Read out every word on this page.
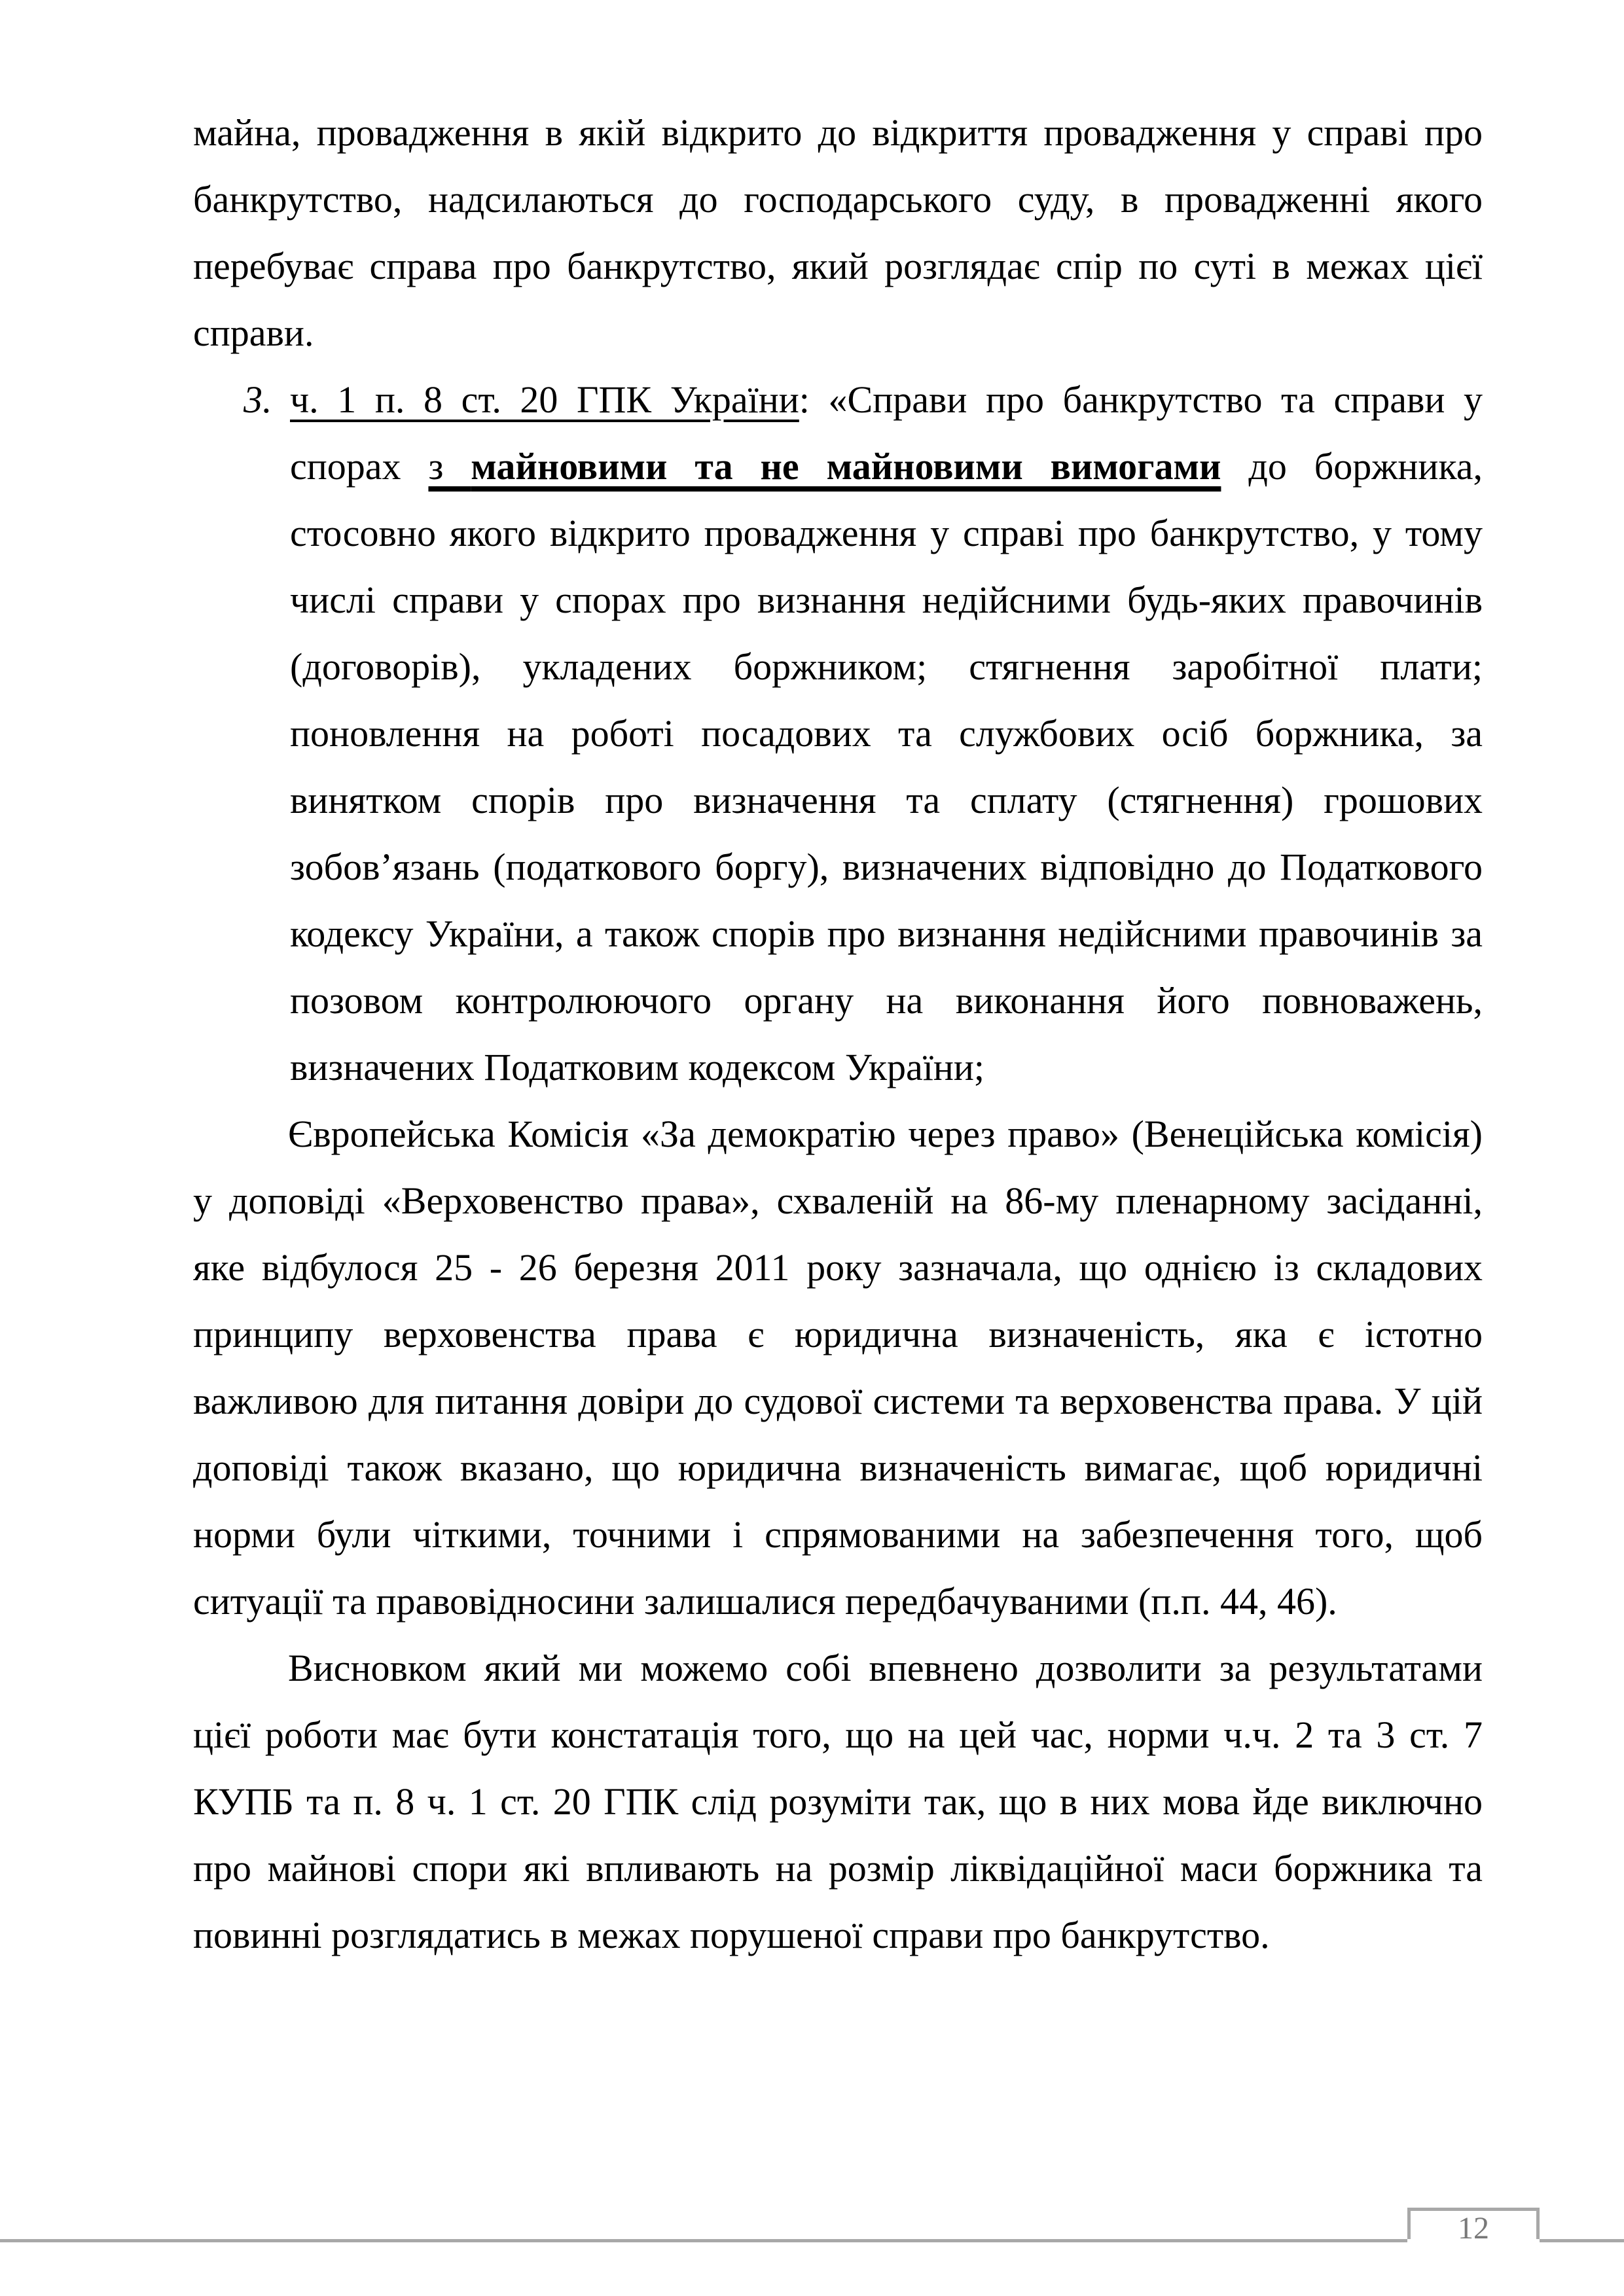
майна, провадження в якій відкрито до відкриття провадження у справі про банкрутство, надсилаються до господарського суду, в провадженні якого перебуває справа про банкрутство, який розглядає спір по суті в межах цієї справи.

3. ч. 1 п. 8 ст. 20 ГПК України: «Справи про банкрутство та справи у спорах з майновими та не майновими вимогами до боржника, стосовно якого відкрито провадження у справі про банкрутство, у тому числі справи у спорах про визнання недійсними будь-яких правочинів (договорів), укладених боржником; стягнення заробітної плати; поновлення на роботі посадових та службових осіб боржника, за винятком спорів про визначення та сплату (стягнення) грошових зобов’язань (податкового боргу), визначених відповідно до Податкового кодексу України, а також спорів про визнання недійсними правочинів за позовом контролюючого органу на виконання його повноважень, визначених Податковим кодексом України;

Європейська Комісія «За демократію через право» (Венеційська комісія) у доповіді «Верховенство права», схваленій на 86-му пленарному засіданні, яке відбулося 25 - 26 березня 2011 року зазначала, що однією із складових принципу верховенства права є юридична визначеність, яка є істотно важливою для питання довіри до судової системи та верховенства права. У цій доповіді також вказано, що юридична визначеність вимагає, щоб юридичні норми були чіткими, точними і спрямованими на забезпечення того, щоб ситуації та правовідносини залишалися передбачуваними (п.п. 44, 46).

Висновком який ми можемо собі впевнено дозволити за результатами цієї роботи має бути констатація того, що на цей час, норми ч.ч. 2 та 3 ст. 7 КУПБ та п. 8 ч. 1 ст. 20 ГПК слід розуміти так, що в них мова йде виключно про майнові спори які впливають на розмір ліквідаційної маси боржника та повинні розглядатись в межах порушеної справи про банкрутство.

12
